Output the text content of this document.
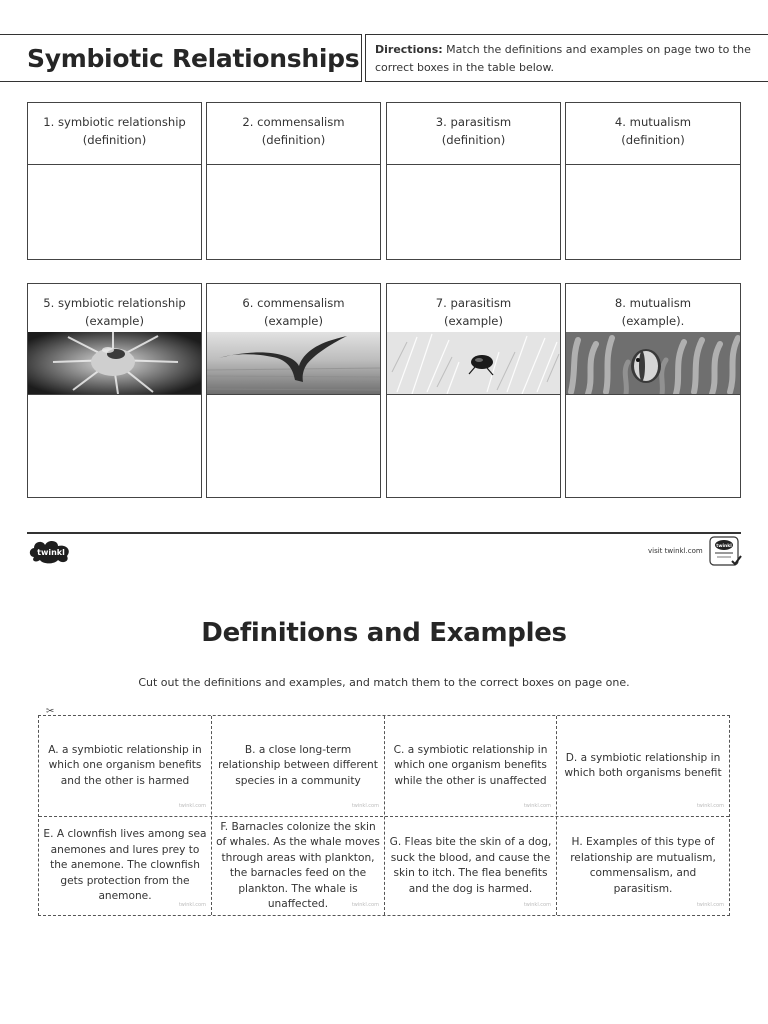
Symbiotic Relationships	Directions: Match the definitions and examples on page two to the correct boxes in the table below.
1. symbiotic relationship
(definition)
2. commensalism
(definition)
3. parasitism
(definition)
4. mutualism
(definition)
5. symbiotic relationship
(example)
6. commensalism
(example)
7. parasitism
(example)
8. mutualism
(example).
twinkl	visit twinkl.com
twinkl
Definitions and Examples
Cut out the definitions and examples, and match them to the correct boxes on page one.
✂
A. a symbiotic relationship in which one organism benefits and the other is harmed
twinkl.com
B. a close long-term relationship between different species in a community
twinkl.com
C. a symbiotic relationship in which one organism benefits while the other is unaffected
twinkl.com
D. a symbiotic relationship in which both organisms benefit
twinkl.com
E. A clownfish lives among sea anemones and lures prey to the anemone. The clownfish gets protection from the anemone.
twinkl.com
F. Barnacles colonize the skin of whales. As the whale moves through areas with plankton, the barnacles feed on the plankton. The whale is unaffected.	twinkl.com
G. Fleas bite the skin of a dog, suck the blood, and cause the skin to itch. The flea benefits and the dog is harmed.
twinkl.com
H. Examples of this type of relationship are mutualism, commensalism, and parasitism.
twinkl.com
